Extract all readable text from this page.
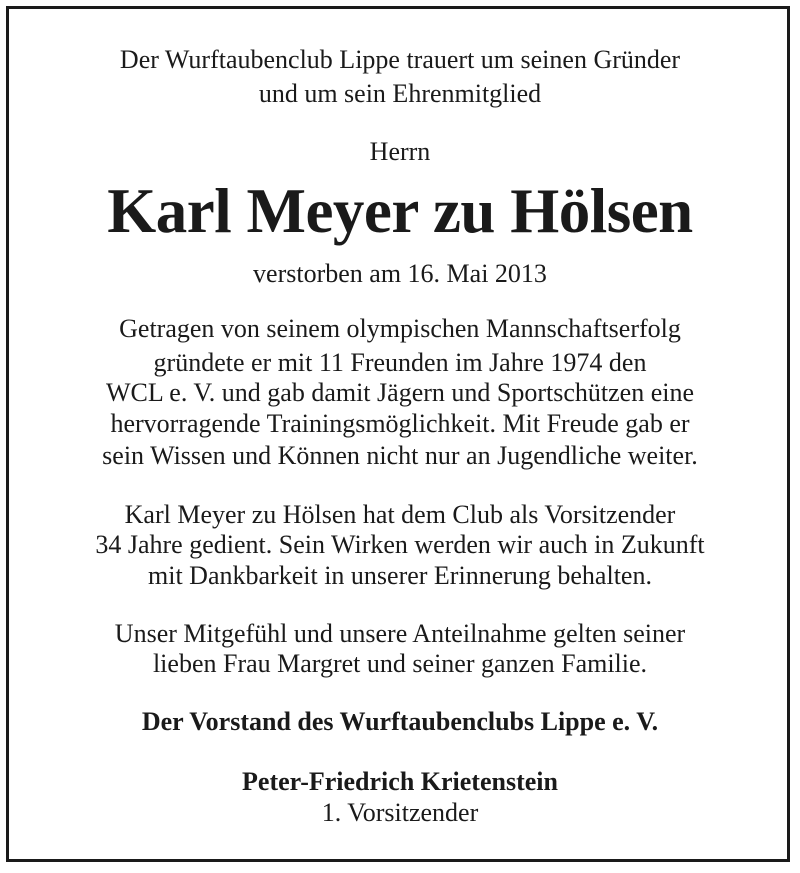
Der Wurftaubenclub Lippe trauert um seinen Gründer
und um sein Ehrenmitglied
Herrn
Karl Meyer zu Hölsen
verstorben am 16. Mai 2013
Getragen von seinem olympischen Mannschaftserfolg
gründete er mit 11 Freunden im Jahre 1974 den
WCL e. V. und gab damit Jägern und Sportschützen eine
hervorragende Trainingsmöglichkeit. Mit Freude gab er
sein Wissen und Können nicht nur an Jugendliche weiter.
Karl Meyer zu Hölsen hat dem Club als Vorsitzender
34 Jahre gedient. Sein Wirken werden wir auch in Zukunft
mit Dankbarkeit in unserer Erinnerung behalten.
Unser Mitgefühl und unsere Anteilnahme gelten seiner
lieben Frau Margret und seiner ganzen Familie.
Der Vorstand des Wurftaubenclubs Lippe e. V.
Peter-Friedrich Krietenstein
1. Vorsitzender
